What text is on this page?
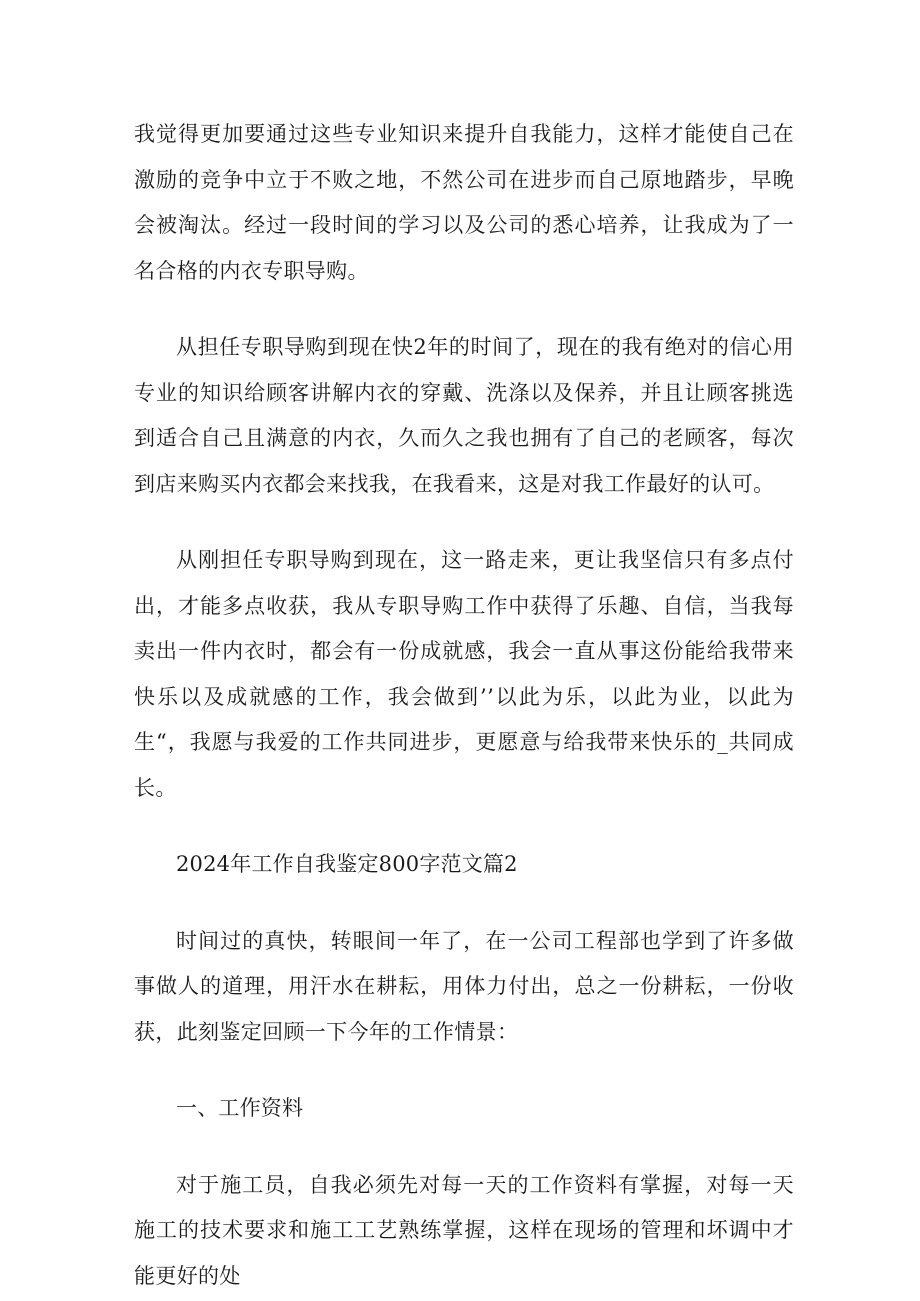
我觉得更加要通过这些专业知识来提升自我能力，这样才能使自己在激励的竞争中立于不败之地，不然公司在进步而自己原地踏步，早晚会被淘汰。经过一段时间的学习以及公司的悉心培养，让我成为了一名合格的内衣专职导购。

从担任专职导购到现在快2年的时间了，现在的我有绝对的信心用专业的知识给顾客讲解内衣的穿戴、洗涤以及保养，并且让顾客挑选到适合自己且满意的内衣，久而久之我也拥有了自己的老顾客，每次到店来购买内衣都会来找我，在我看来，这是对我工作最好的认可。

从刚担任专职导购到现在，这一路走来，更让我坚信只有多点付出，才能多点收获，我从专职导购工作中获得了乐趣、自信，当我每卖出一件内衣时，都会有一份成就感，我会一直从事这份能给我带来快乐以及成就感的工作，我会做到’’以此为乐，以此为业，以此为生“，我愿与我爱的工作共同进步，更愿意与给我带来快乐的_共同成长。

2024年工作自我鉴定800字范文篇2

时间过的真快，转眼间一年了，在一公司工程部也学到了许多做事做人的道理，用汗水在耕耘，用体力付出，总之一份耕耘，一份收获，此刻鉴定回顾一下今年的工作情景：

一、工作资料

对于施工员，自我必须先对每一天的工作资料有掌握，对每一天施工的技术要求和施工工艺熟练掌握，这样在现场的管理和坏调中才能更好的处
